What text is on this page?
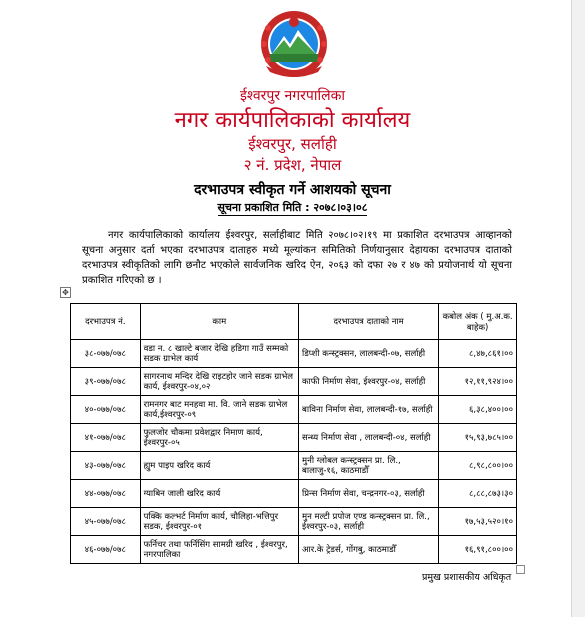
ईश्वरपुर नगरपालिका
नगर कार्यपालिकाको कार्यालय
ईश्वरपुर, सर्लाही
२ नं. प्रदेश, नेपाल
दरभाउपत्र स्वीकृत गर्ने आशयको सूचना
सूचना प्रकाशित मिति : २०७८।०३।०८
नगर कार्यपालिकाको कार्यालय ईश्वरपुर, सर्लाहीबाट मिति २०७८।०२।१९ मा प्रकाशित दरभाउपत्र आव्हानको सूचना अनुसार दर्ता भएका दरभाउपत्र दाताहरु मध्ये मूल्यांकन समितिको निर्णयानुसार देहायका दरभाउपत्र दाताको दरभाउपत्र स्वीकृतिको लागि छनौट भएकोले सार्वजनिक खरिद ऐन, २०६३ को दफा २७ र ४७ को प्रयोजनार्थ यो सूचना प्रकाशित गरिएको छ ।
✥
दरभाउपत्र नं.	काम	दरभाउपत्र दाताको नाम	कबोल अंक ( मु.अ.क. बाहेक)
३८-०७७/०७८	वडा न. ८ खाल्टे बजार देखि हडिगा गाउँ सम्मको सडक ग्राभेल कार्य	डिप्शी कन्स्ट्रक्सन, लालबन्दी-०७, सर्लाही	८,४७,८६१।००
३९-०७७/०७८	सागरनाथ मन्दिर देखि राइटहोर जाने सडक ग्राभेल कार्य, ईश्वरपुर-०४,०२	काफी निर्माण सेवा, ईश्वरपुर-०४, सर्लाही	१२,११,९२४।००
४०-०७७/०७८	रामनगर बाट मनहवा मा. वि. जाने सडक ग्राभेल कार्य,ईश्वरपुर-०९	बाविना निर्माण सेवा, लालबन्दी-१७, सर्लाही	६,३८,४००।००
४१-०७७/०७८	फुलजोर चौकमा प्रवेशद्वार निमाण कार्य, ईश्वरपुर-०५	सन्ध्य निर्माण सेवा , लालबन्दी-०४, सर्लाही	१५,९३,७८५।००
४३-०७७/०७८	ह्युम पाइप खरिद कार्य	मुनी ग्लोबल कन्स्ट्रक्सन प्रा. लि., बालाजु-१६, काठमाडौँ	८,९८,८००।००
४४-०७७/०७८	ग्याबिन जाली खरिद कार्य	प्रिन्स निर्माण सेवा, चन्द्रनगर-०३, सर्लाही	८,८८,८७३।३०
४५-०७७/०७८	पक्कि कल्भर्ट निर्माण कार्य, चौलिहा-भत्तिपुर सडक, ईश्वरपुर-०१	मुन मल्टी प्रपोज एण्ड कन्स्ट्रक्सन प्रा. लि., ईश्वरपुर-०३, सर्लाही	१७,५३,५२०।१०
४६-०७७/०७८	फर्निचर तथा फर्निसिंग सामग्री खरिद , ईश्वरपुर, नगरपालिका	आर.के ट्रेडर्स, गोंगबु, काठमाडौँ	१६,९१,८००।००
प्रमुख प्रशासकीय अधिकृत
